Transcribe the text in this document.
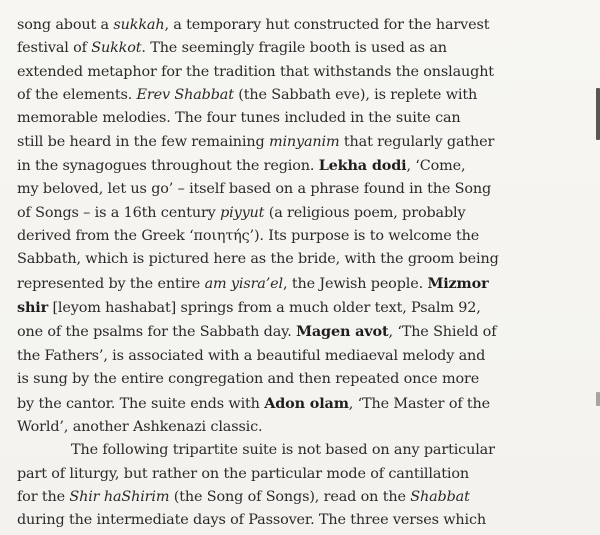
song about a sukkah, a temporary hut constructed for the harvest
festival of Sukkot. The seemingly fragile booth is used as an
extended metaphor for the tradition that withstands the onslaught
of the elements. Erev Shabbat (the Sabbath eve), is replete with
memorable melodies. The four tunes included in the suite can
still be heard in the few remaining minyanim that regularly gather
in the synagogues throughout the region. Lekha dodi, ‘Come,
my beloved, let us go’ – itself based on a phrase found in the Song
of Songs – is a 16th century piyyut (a religious poem, probably
derived from the Greek ‘ποιητής’). Its purpose is to welcome the
Sabbath, which is pictured here as the bride, with the groom being
represented by the entire am yisra’el, the Jewish people. Mizmor
shir [leyom hashabat] springs from a much older text, Psalm 92,
one of the psalms for the Sabbath day. Magen avot, ‘The Shield of
the Fathers’, is associated with a beautiful mediaeval melody and
is sung by the entire congregation and then repeated once more
by the cantor. The suite ends with Adon olam, ‘The Master of the
World’, another Ashkenazi classic.
The following tripartite suite is not based on any particular
part of liturgy, but rather on the particular mode of cantillation
for the Shir haShirim (the Song of Songs), read on the Shabbat
during the intermediate days of Passover. The three verses which
